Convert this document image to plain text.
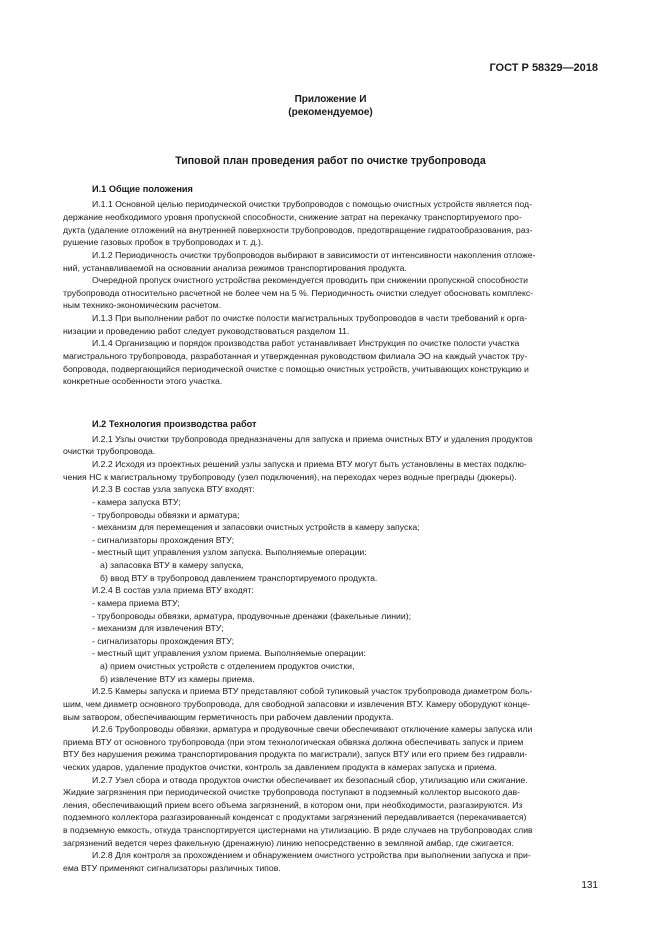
ГОСТ Р 58329—2018
Приложение И
(рекомендуемое)
Типовой план проведения работ по очистке трубопровода
И.1 Общие положения
И.2 Технология производства работ
И.1.1 Основной целью периодической очистки трубопроводов с помощью очистных устройств является под-
держание необходимого уровня пропускной способности, снижение затрат на перекачку транспортируемого про-
дукта (удаление отложений на внутренней поверхности трубопроводов, предотвращение гидратообразования, раз-
рушение газовых пробок в трубопроводах и т. д.).
И.1.2 Периодичность очистки трубопроводов выбирают в зависимости от интенсивности накопления отложе-
ний, устанавливаемой на основании анализа режимов транспортирования продукта.
Очередной пропуск очистного устройства рекомендуется проводить при снижении пропускной способности
трубопровода относительно расчетной не более чем на 5 %. Периодичность очистки следует обосновать комплекс-
ным технико-экономическим расчетом.
И.1.3 При выполнении работ по очистке полости магистральных трубопроводов в части требований к орга-
низации и проведению работ следует руководствоваться разделом 11.
И.1.4 Организацию и порядок производства работ устанавливает Инструкция по очистке полости участка
магистрального трубопровода, разработанная и утвержденная руководством филиала ЭО на каждый участок тру-
бопровода, подвергающийся периодической очистке с помощью очистных устройств, учитывающих конструкцию и
конкретные особенности этого участка.
И.2.1 Узлы очистки трубопровода предназначены для запуска и приема очистных ВТУ и удаления продуктов
очистки трубопровода.
И.2.2 Исходя из проектных решений узлы запуска и приема ВТУ могут быть установлены в местах подклю-
чения НС к магистральному трубопроводу (узел подключения), на переходах через водные преграды (дюкеры).
И.2.3 В состав узла запуска ВТУ входят:
- камера запуска ВТУ;
- трубопроводы обвязки и арматура;
- механизм для перемещения и запасовки очистных устройств в камеру запуска;
- сигнализаторы прохождения ВТУ;
- местный щит управления узлом запуска. Выполняемые операции:
а) запасовка ВТУ в камеру запуска,
б) ввод ВТУ в трубопровод давлением транспортируемого продукта.
И.2.4 В состав узла приема ВТУ входят:
- камера приема ВТУ;
- трубопроводы обвязки, арматура, продувочные дренажи (факельные линии);
- механизм для извлечения ВТУ;
- сигнализаторы прохождения ВТУ;
- местный щит управления узлом приема. Выполняемые операции:
а) прием очистных устройств с отделением продуктов очистки,
б) извлечение ВТУ из камеры приема.
И.2.5 Камеры запуска и приема ВТУ представляют собой тупиковый участок трубопровода диаметром боль-
шим, чем диаметр основного трубопровода, для свободной запасовки и извлечения ВТУ. Камеру оборудуют конце-
вым затвором, обеспечивающим герметичность при рабочем давлении продукта.
И.2.6 Трубопроводы обвязки, арматура и продувочные свечи обеспечивают отключение камеры запуска или
приема ВТУ от основного трубопровода (при этом технологическая обвязка должна обеспечивать запуск и прием
ВТУ без нарушения режима транспортирования продукта по магистрали), запуск ВТУ или его прием без гидравли-
ческих ударов, удаление продуктов очистки, контроль за давлением продукта в камерах запуска и приема.
И.2.7 Узел сбора и отвода продуктов очистки обеспечивает их безопасный сбор, утилизацию или сжигание.
Жидкие загрязнения при периодической очистке трубопровода поступают в подземный коллектор высокого дав-
ления, обеспечивающий прием всего объема загрязнений, в котором они, при необходимости, разгазируются. Из
подземного коллектора разгазированный конденсат с продуктами загрязнений передавливается (перекачивается)
в подземную емкость, откуда транспортируется цистернами на утилизацию. В ряде случаев на трубопроводах слив
загрязнений ведется через факельную (дренажную) линию непосредственно в земляной амбар, где сжигается.
И.2.8 Для контроля за прохождением и обнаружением очистного устройства при выполнении запуска и при-
ема ВТУ применяют сигнализаторы различных типов.
131
